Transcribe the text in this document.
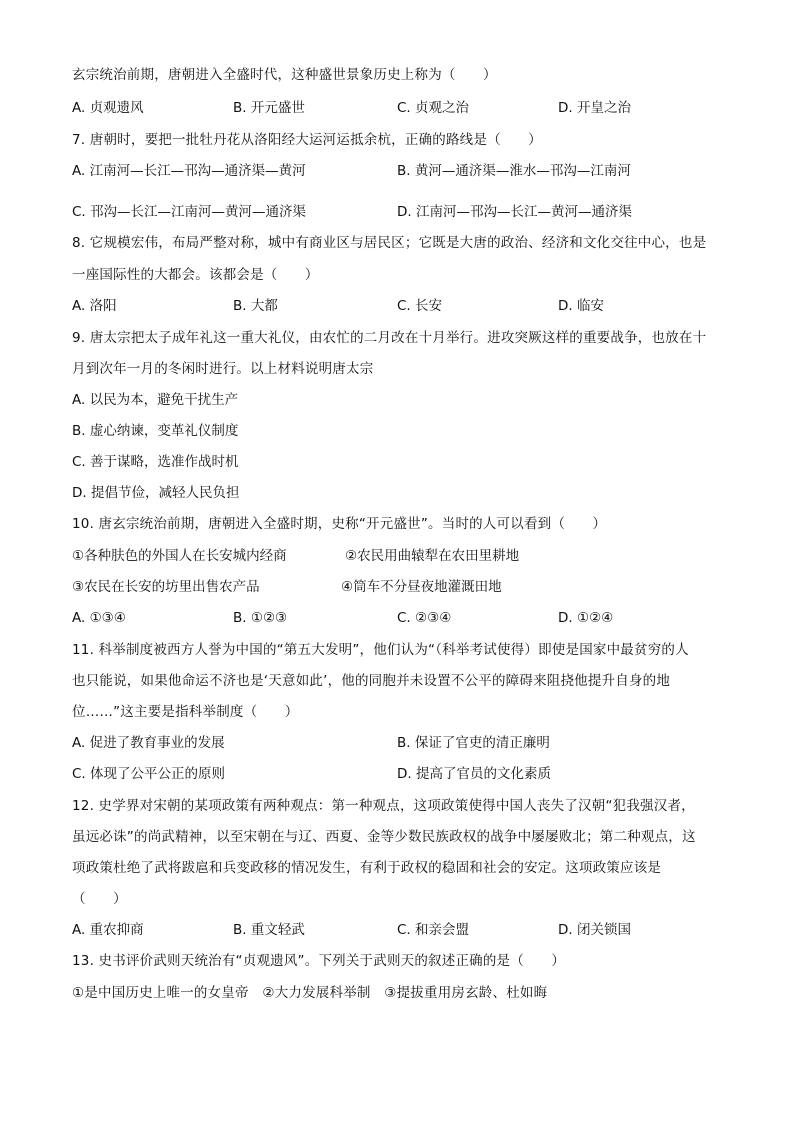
玄宗统治前期，唐朝进入全盛时代，这种盛世景象历史上称为（　　）
A. 贞观遗风	B. 开元盛世	C. 贞观之治	D. 开皇之治
7. 唐朝时，要把一批牡丹花从洛阳经大运河运抵余杭，正确的路线是（　　）
A. 江南河—长江—邗沟—通济渠—黄河	B. 黄河—通济渠—淮水—邗沟—江南河
C. 邗沟—长江—江南河—黄河—通济渠	D. 江南河—邗沟—长江—黄河—通济渠
8. 它规模宏伟，布局严整对称，城中有商业区与居民区；它既是大唐的政治、经济和文化交往中心，也是
一座国际性的大都会。该都会是（　　）
A. 洛阳	B. 大都	C. 长安	D. 临安
9. 唐太宗把太子成年礼这一重大礼仪，由农忙的二月改在十月举行。进攻突厥这样的重要战争，也放在十
月到次年一月的冬闲时进行。以上材料说明唐太宗
A. 以民为本，避免干扰生产
B. 虚心纳谏，变革礼仪制度
C. 善于谋略，选准作战时机
D. 提倡节俭，减轻人民负担
10. 唐玄宗统治前期，唐朝进入全盛时期，史称“开元盛世”。当时的人可以看到（　　）
①各种肤色的外国人在长安城内经商	②农民用曲辕犁在农田里耕地
③农民在长安的坊里出售农产品	④筒车不分昼夜地灌溉田地
A. ①③④	B. ①②③	C. ②③④	D. ①②④
11. 科举制度被西方人誉为中国的“第五大发明”，他们认为“（科举考试使得）即使是国家中最贫穷的人
也只能说，如果他命运不济也是‘天意如此’，他的同胞并未设置不公平的障碍来阻挠他提升自身的地
位……”这主要是指科举制度（　　）
A. 促进了教育事业的发展	B. 保证了官吏的清正廉明
C. 体现了公平公正的原则	D. 提高了官员的文化素质
12. 史学界对宋朝的某项政策有两种观点：第一种观点，这项政策使得中国人丧失了汉朝“犯我强汉者，
虽远必诛”的尚武精神，以至宋朝在与辽、西夏、金等少数民族政权的战争中屡屡败北；第二种观点，这
项政策杜绝了武将跋扈和兵变政移的情况发生，有利于政权的稳固和社会的安定。这项政策应该是
（　　）
A. 重农抑商	B. 重文轻武	C. 和亲会盟	D. 闭关锁国
13. 史书评价武则天统治有“贞观遗风”。下列关于武则天的叙述正确的是（　　）
①是中国历史上唯一的女皇帝　②大力发展科举制　③提拔重用房玄龄、杜如晦
